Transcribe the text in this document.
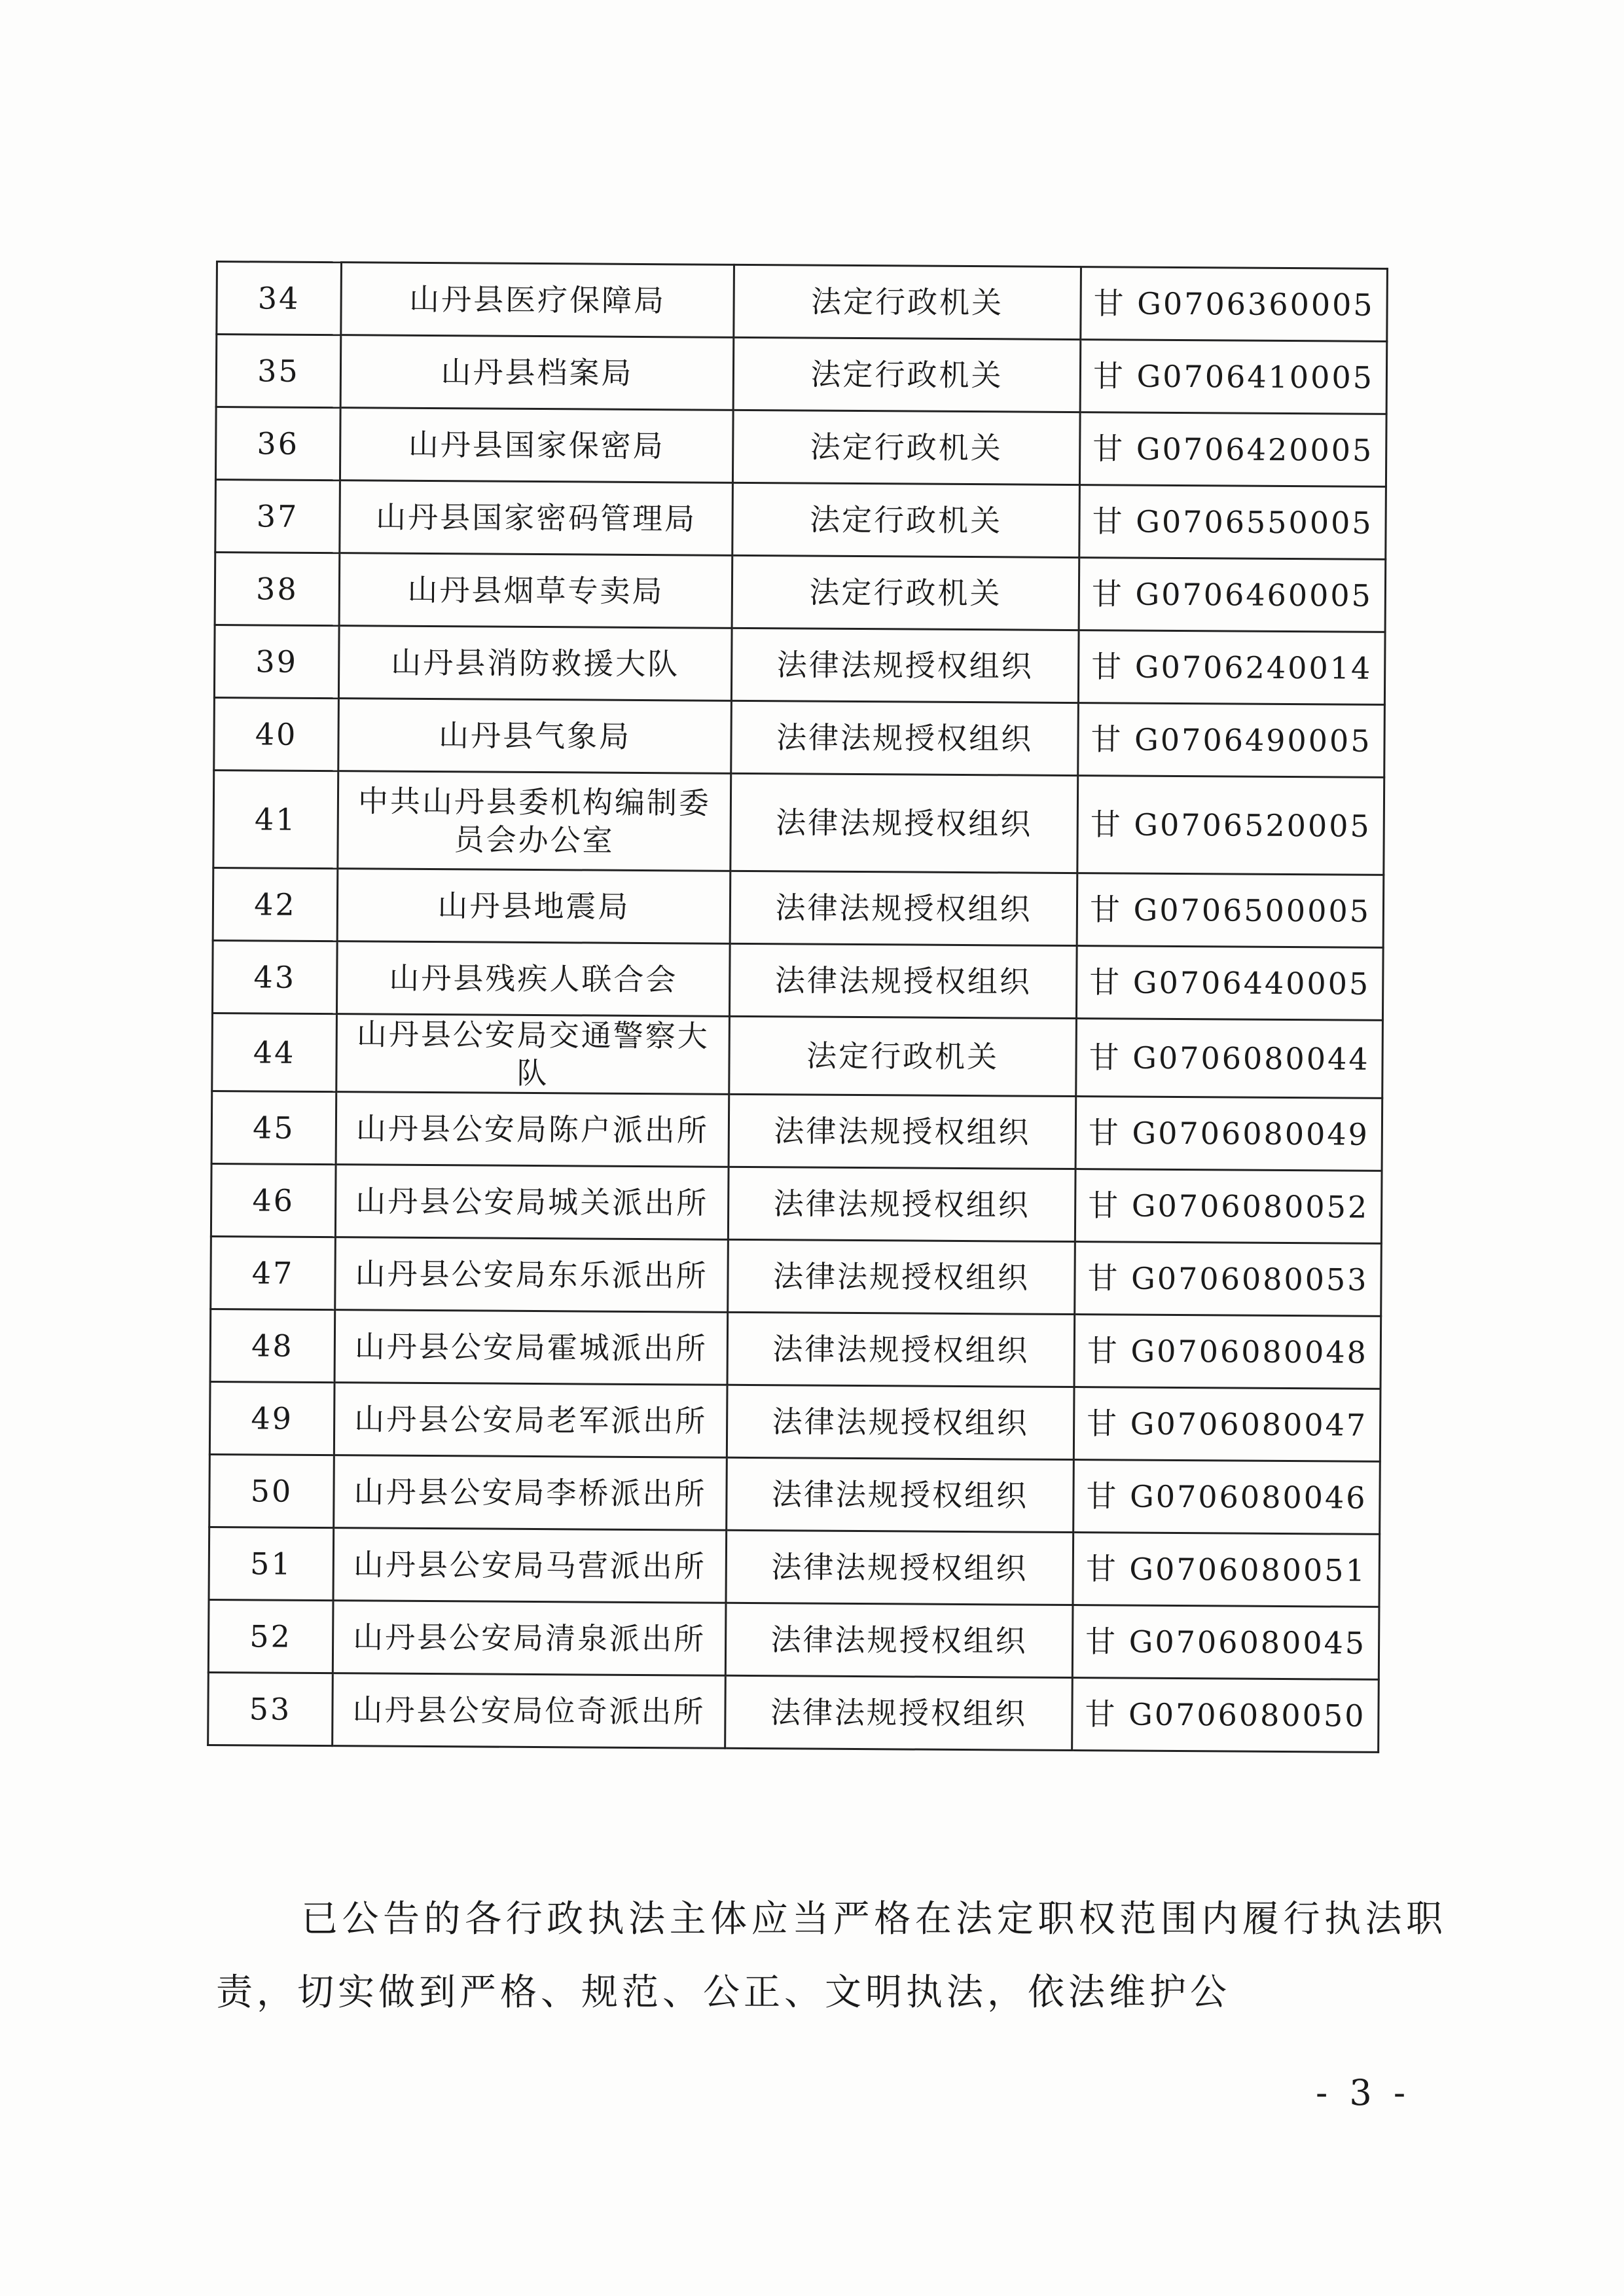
34	山丹县医疗保障局	法定行政机关	甘 G0706360005
35	山丹县档案局	法定行政机关	甘 G0706410005
36	山丹县国家保密局	法定行政机关	甘 G0706420005
37	山丹县国家密码管理局	法定行政机关	甘 G0706550005
38	山丹县烟草专卖局	法定行政机关	甘 G0706460005
39	山丹县消防救援大队	法律法规授权组织	甘 G0706240014
40	山丹县气象局	法律法规授权组织	甘 G0706490005
41	中共山丹县委机构编制委员会办公室	法律法规授权组织	甘 G0706520005
42	山丹县地震局	法律法规授权组织	甘 G0706500005
43	山丹县残疾人联合会	法律法规授权组织	甘 G0706440005
44	山丹县公安局交通警察大队	法定行政机关	甘 G0706080044
45	山丹县公安局陈户派出所	法律法规授权组织	甘 G0706080049
46	山丹县公安局城关派出所	法律法规授权组织	甘 G0706080052
47	山丹县公安局东乐派出所	法律法规授权组织	甘 G0706080053
48	山丹县公安局霍城派出所	法律法规授权组织	甘 G0706080048
49	山丹县公安局老军派出所	法律法规授权组织	甘 G0706080047
50	山丹县公安局李桥派出所	法律法规授权组织	甘 G0706080046
51	山丹县公安局马营派出所	法律法规授权组织	甘 G0706080051
52	山丹县公安局清泉派出所	法律法规授权组织	甘 G0706080045
53	山丹县公安局位奇派出所	法律法规授权组织	甘 G0706080050

已公告的各行政执法主体应当严格在法定职权范围内履行执法职责，切实做到严格、规范、公正、文明执法，依法维护公

- 3 -
